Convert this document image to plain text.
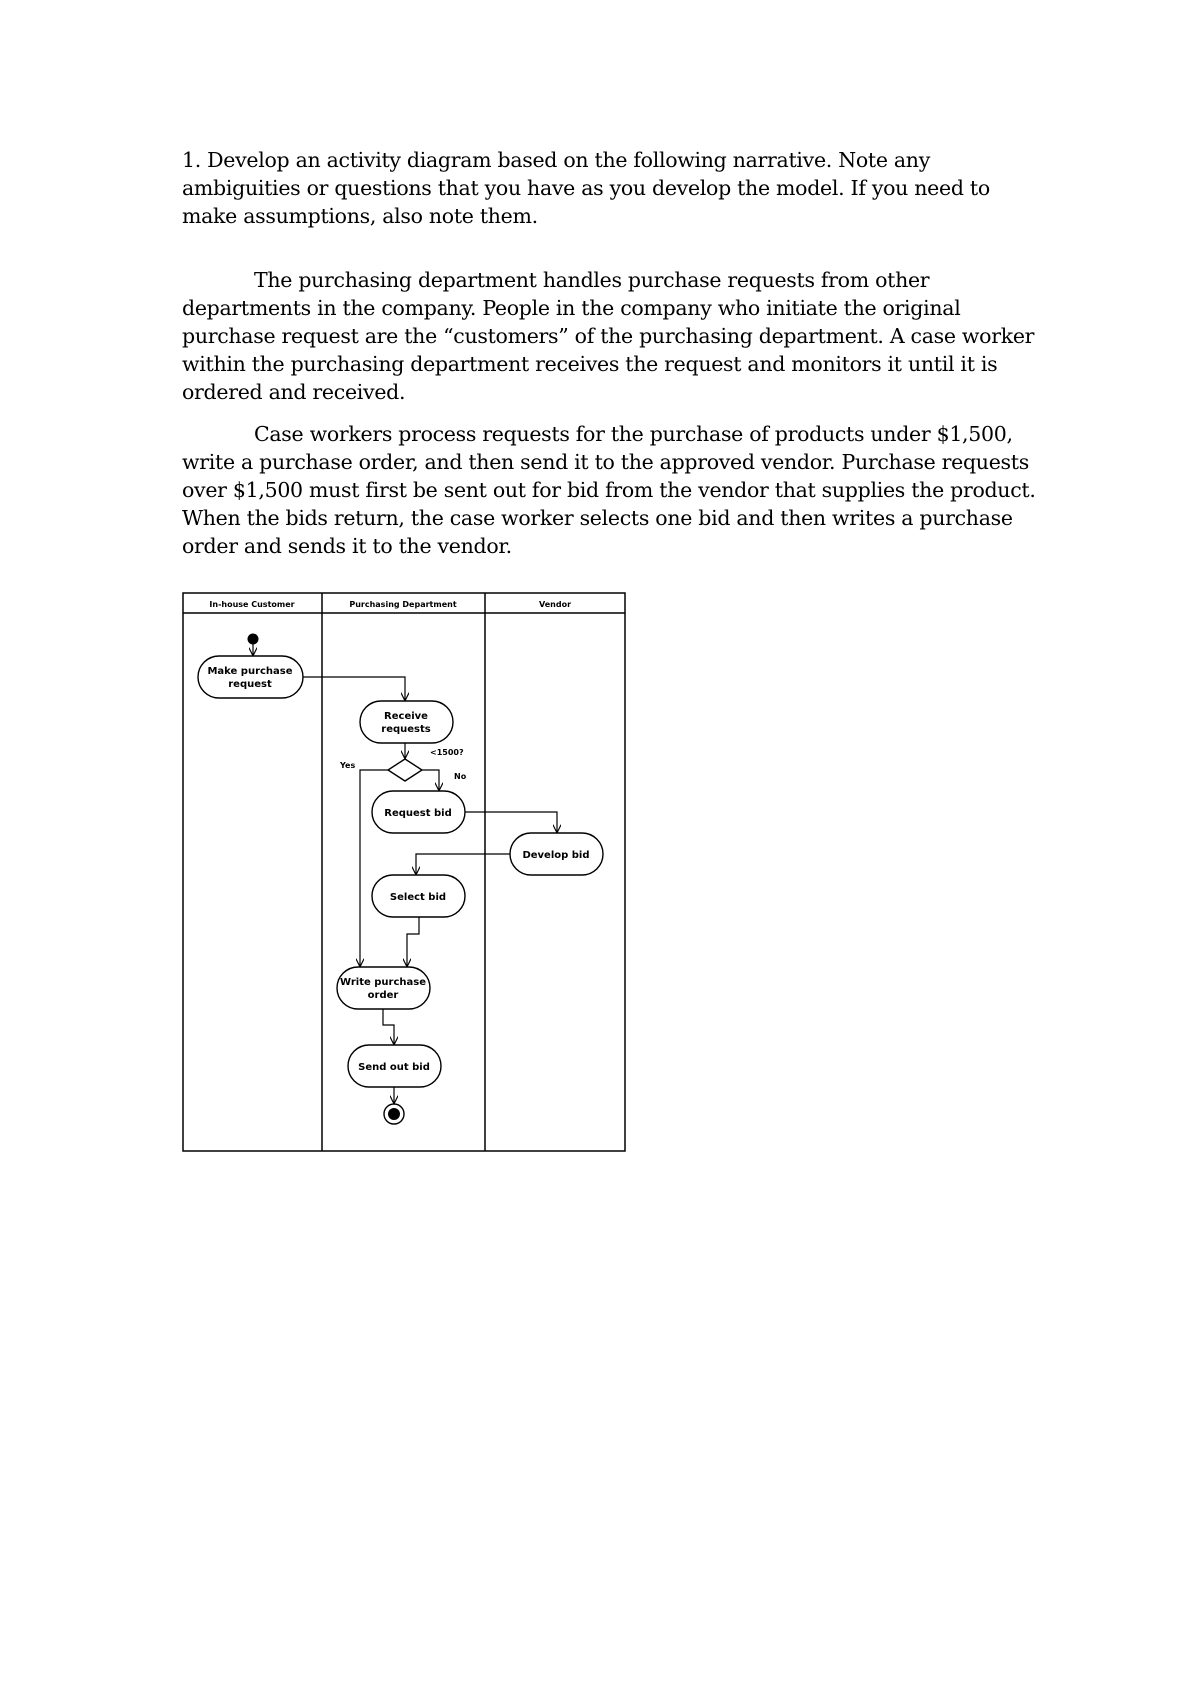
1. Develop an activity diagram based on the following narrative. Note any ambiguities or questions that you have as you develop the model. If you need to make assumptions, also note them.

The purchasing department handles purchase requests from other departments in the company. People in the company who initiate the original purchase request are the “customers” of the purchasing department. A case worker within the purchasing department receives the request and monitors it until it is ordered and received.

Case workers process requests for the purchase of products under $1,500, write a purchase order, and then send it to the approved vendor. Purchase requests over $1,500 must first be sent out for bid from the vendor that supplies the product. When the bids return, the case worker selects one bid and then writes a purchase order and sends it to the vendor.

In-house Customer	Purchasing Department	Vendor
Make purchase
request
Receive
requests
<1500?
Yes
No
Request bid
Develop bid
Select bid
Write purchase
order
Send out bid
